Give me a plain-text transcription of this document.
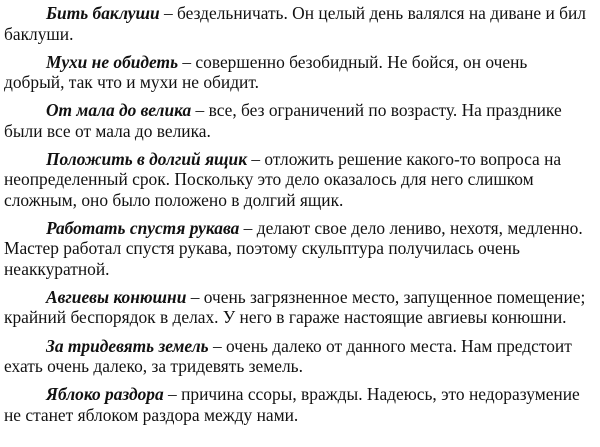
Бить баклуши – бездельничать. Он целый день валялся на диване и бил баклуши.

Мухи не обидеть – совершенно безобидный. Не бойся, он очень добрый, так что и мухи не обидит.

От мала до велика – все, без ограничений по возрасту. На празднике были все от мала до велика.

Положить в долгий ящик – отложить решение какого-то вопроса на неопределенный срок. Поскольку это дело оказалось для него слишком сложным, оно было положено в долгий ящик.

Работать спустя рукава – делают свое дело лениво, нехотя, медленно. Мастер работал спустя рукава, поэтому скульптура получилась очень неаккуратной.

Авгиевы конюшни – очень загрязненное место, запущенное помещение; крайний беспорядок в делах. У него в гараже настоящие авгиевы конюшни.

За тридевять земель – очень далеко от данного места. Нам предстоит ехать очень далеко, за тридевять земель.

Яблоко раздора – причина ссоры, вражды. Надеюсь, это недоразумение не станет яблоком раздора между нами.
